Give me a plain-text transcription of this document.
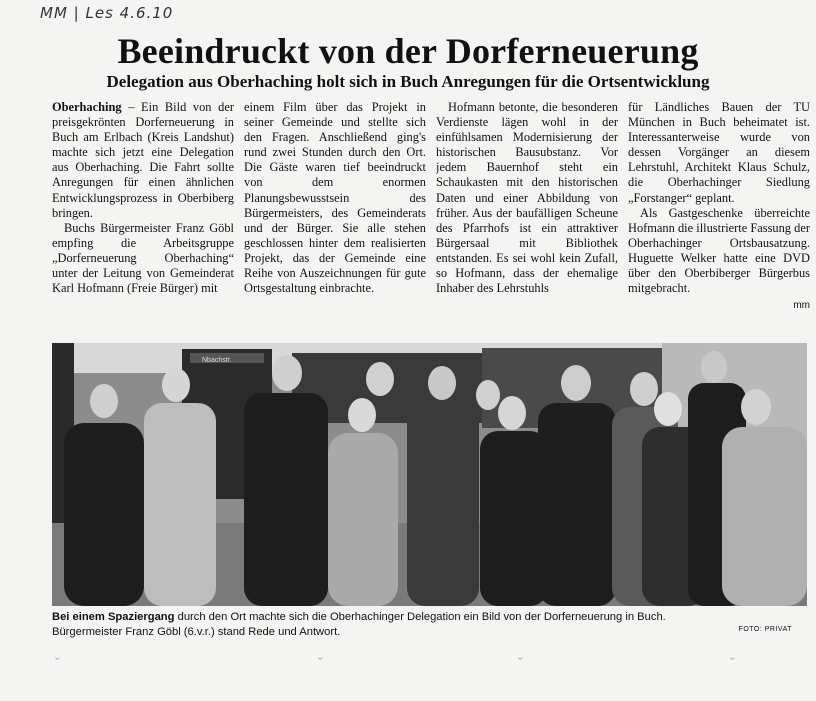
MM | Les 4.6.10
Beeindruckt von der Dorferneuerung
Delegation aus Oberhaching holt sich in Buch Anregungen für die Ortsentwicklung

Oberhaching – Ein Bild von der preisgekrönten Dorferneuerung in Buch am Erlbach (Kreis Landshut) machte sich jetzt eine Delegation aus Oberhaching. Die Fahrt sollte Anregungen für einen ähnlichen Entwicklungsprozess in Oberbiberg bringen.

Buchs Bürgermeister Franz Göbl empfing die Arbeitsgruppe „Dorferneuerung Oberhaching“ unter der Leitung von Gemeinderat Karl Hofmann (Freie Bürger) mit

einem Film über das Projekt in seiner Gemeinde und stellte sich den Fragen. Anschließend ging's rund zwei Stunden durch den Ort. Die Gäste waren tief beeindruckt von dem enormen Planungsbewusstsein des Bürgermeisters, des Gemeinderats und der Bürger. Sie alle stehen geschlossen hinter dem realisierten Projekt, das der Gemeinde eine Reihe von Auszeichnungen für gute Ortsgestaltung einbrachte.

Hofmann betonte, die besonderen Verdienste lägen wohl in der einfühlsamen Modernisierung der historischen Bausubstanz. Vor jedem Bauernhof steht ein Schaukasten mit den historischen Daten und einer Abbildung von früher. Aus der baufälligen Scheune des Pfarrhofs ist ein attraktiver Bürgersaal mit Bibliothek entstanden. Es sei wohl kein Zufall, so Hofmann, dass der ehemalige Inhaber des Lehrstuhls

für Ländliches Bauen der TU München in Buch beheimatet ist. Interessanterweise wurde von dessen Vorgänger an diesem Lehrstuhl, Architekt Klaus Schulz, die Oberhachinger Siedlung „Forstanger“ geplant.

Als Gastgeschenke überreichte Hofmann die illustrierte Fassung der Oberhachinger Ortsbausatzung. Huguette Welker hatte eine DVD über den Oberbiberger Bürgerbus mitgebracht.

mm
Nbachstr.
Bei einem Spaziergang durch den Ort machte sich die Oberhachinger Delegation ein Bild von der Dorferneuerung in Buch.
Bürgermeister Franz Göbl (6.v.r.) stand Rede und Antwort.	FOTO: PRIVAT
ˇ	ˇ	ˇ	ˇ
